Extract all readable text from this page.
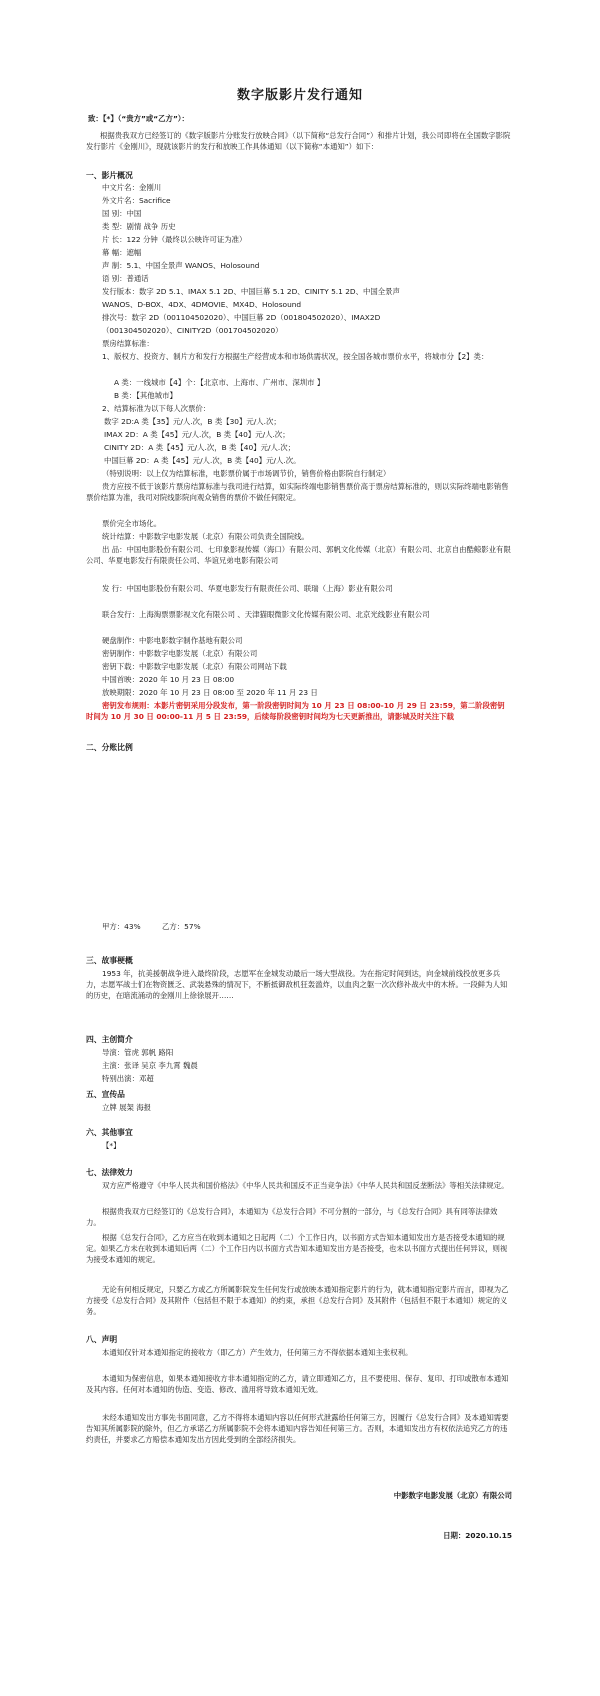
数字版影片发行通知
致：【*】（“贵方”或“乙方”）：
根据贵我双方已经签订的《数字版影片分账发行放映合同》（以下简称“总发行合同”）和排片计划，我公司即将在全国数字影院发行影片《金刚川》，现就该影片的发行和放映工作具体通知（以下简称“本通知”）如下：
一、影片概况
中文片名：金刚川
外文片名：Sacrifice
国 别：中国
类 型：剧情 战争 历史
片 长：122 分钟（最终以公映许可证为准）
幕 幅：遮幅
声 制：5.1、中国全景声 WANOS、Holosound
语 别：普通话
发行版本：数字 2D 5.1、IMAX 5.1 2D、中国巨幕 5.1 2D、CINITY 5.1 2D、中国全景声
WANOS、D-BOX、4DX、4DMOVIE、MX4D、Holosound
排次号：数字 2D（001104502020）、中国巨幕 2D（001804502020）、IMAX2D
（001304502020）、CINITY2D（001704502020）
票房结算标准：
1、版权方、投资方、制片方和发行方根据生产经营成本和市场供需状况，按全国各城市票价水平，将城市分【2】类：
A 类：一线城市【4】个：【北京市、上海市、广州市、深圳市 】
B 类：【其他城市】
2、结算标准为以下每人次票价：
数字 2D:A 类【35】元/人.次，B 类【30】元/人.次；
IMAX 2D：A 类【45】元/人.次，B 类【40】元/人.次；
CINITY 2D：A 类【45】元/人.次，B 类【40】元/人.次；
中国巨幕 2D：A 类【45】元/人.次，B 类【40】元/人.次。
（特别说明：以上仅为结算标准，电影票价属于市场调节价，销售价格由影院自行制定）
贵方应按不低于该影片票房结算标准与我司进行结算，如实际终端电影销售票价高于票房结算标准的，则以实际终端电影销售票价结算为准，我司对院线影院向观众销售的票价不做任何限定。
票价完全市场化。
统计结算：中影数字电影发展（北京）有限公司负责全国院线。
出 品：中国电影股份有限公司、七印象影视传媒（海口）有限公司、郭帆文化传媒（北京）有限公司、北京自由酷鲸影业有限公司、华夏电影发行有限责任公司、华谊兄弟电影有限公司
发 行：中国电影股份有限公司、华夏电影发行有限责任公司、联瑞（上海）影业有限公司
联合发行：上海淘票票影视文化有限公司 、天津猫眼微影文化传媒有限公司、北京光线影业有限公司
硬盘制作：中影电影数字制作基地有限公司
密钥制作：中影数字电影发展（北京）有限公司
密钥下载：中影数字电影发展（北京）有限公司网站下载
中国首映：2020 年 10 月 23 日 08:00
放映期限：2020 年 10 月 23 日 08:00 至 2020 年 11 月 23 日
密钥发布规则：本影片密钥采用分段发布，第一阶段密钥时间为 10 月 23 日 08:00-10 月 29 日 23:59，第二阶段密钥时间为 10 月 30 日 00:00-11 月 5 日 23:59，后续每阶段密钥时间均为七天更新推出，请影城及时关注下载
二、分账比例
甲方：43%	乙方：57%
三、故事梗概
1953 年，抗美援朝战争进入最终阶段，志愿军在金城发动最后一场大型战役。为在指定时间到达，向金城前线投放更多兵力，志愿军战士们在物资匮乏、武装悬殊的情况下，不断抵御敌机狂轰滥炸，以血肉之躯一次次修补战火中的木桥。一段鲜为人知的历史，在暗流涌动的金刚川上徐徐展开……
四、主创简介
导演：管虎 郭帆 路阳
主演：张译 吴京 李九霄 魏晨
特别出演：邓超
五、宣传品
立牌 展架 海报
六、其他事宜
【*】
七、法律效力
双方应严格遵守《中华人民共和国价格法》《中华人民共和国反不正当竞争法》《中华人民共和国反垄断法》等相关法律规定。
根据贵我双方已经签订的《总发行合同》，本通知为《总发行合同》不可分割的一部分，与《总发行合同》具有同等法律效力。
根据《总发行合同》，乙方应当在收到本通知之日起两（二）个工作日内，以书面方式告知本通知发出方是否接受本通知的规定。如果乙方未在收到本通知后两（二）个工作日内以书面方式告知本通知发出方是否接受，也未以书面方式提出任何异议，则视为接受本通知的规定。
无论有何相反规定，只要乙方或乙方所属影院发生任何发行或放映本通知指定影片的行为，就本通知指定影片而言，即视为乙方接受《总发行合同》及其附件（包括但不限于本通知）的约束，承担《总发行合同》及其附件（包括但不限于本通知）规定的义务。
八、声明
本通知仅针对本通知指定的接收方（即乙方）产生效力，任何第三方不得依据本通知主张权利。
本通知为保密信息，如果本通知接收方非本通知指定的乙方，请立即通知乙方，且不要使用、保存、复印、打印或散布本通知及其内容。任何对本通知的伪造、变造、修改、滥用将导致本通知无效。
未经本通知发出方事先书面同意，乙方不得将本通知内容以任何形式泄露给任何第三方，因履行《总发行合同》及本通知需要告知其所属影院的除外，但乙方承诺乙方所属影院不会将本通知内容告知任何第三方。否则，本通知发出方有权依法追究乙方的违约责任，并要求乙方赔偿本通知发出方因此受到的全部经济损失。
中影数字电影发展（北京）有限公司
日期：2020.10.15
